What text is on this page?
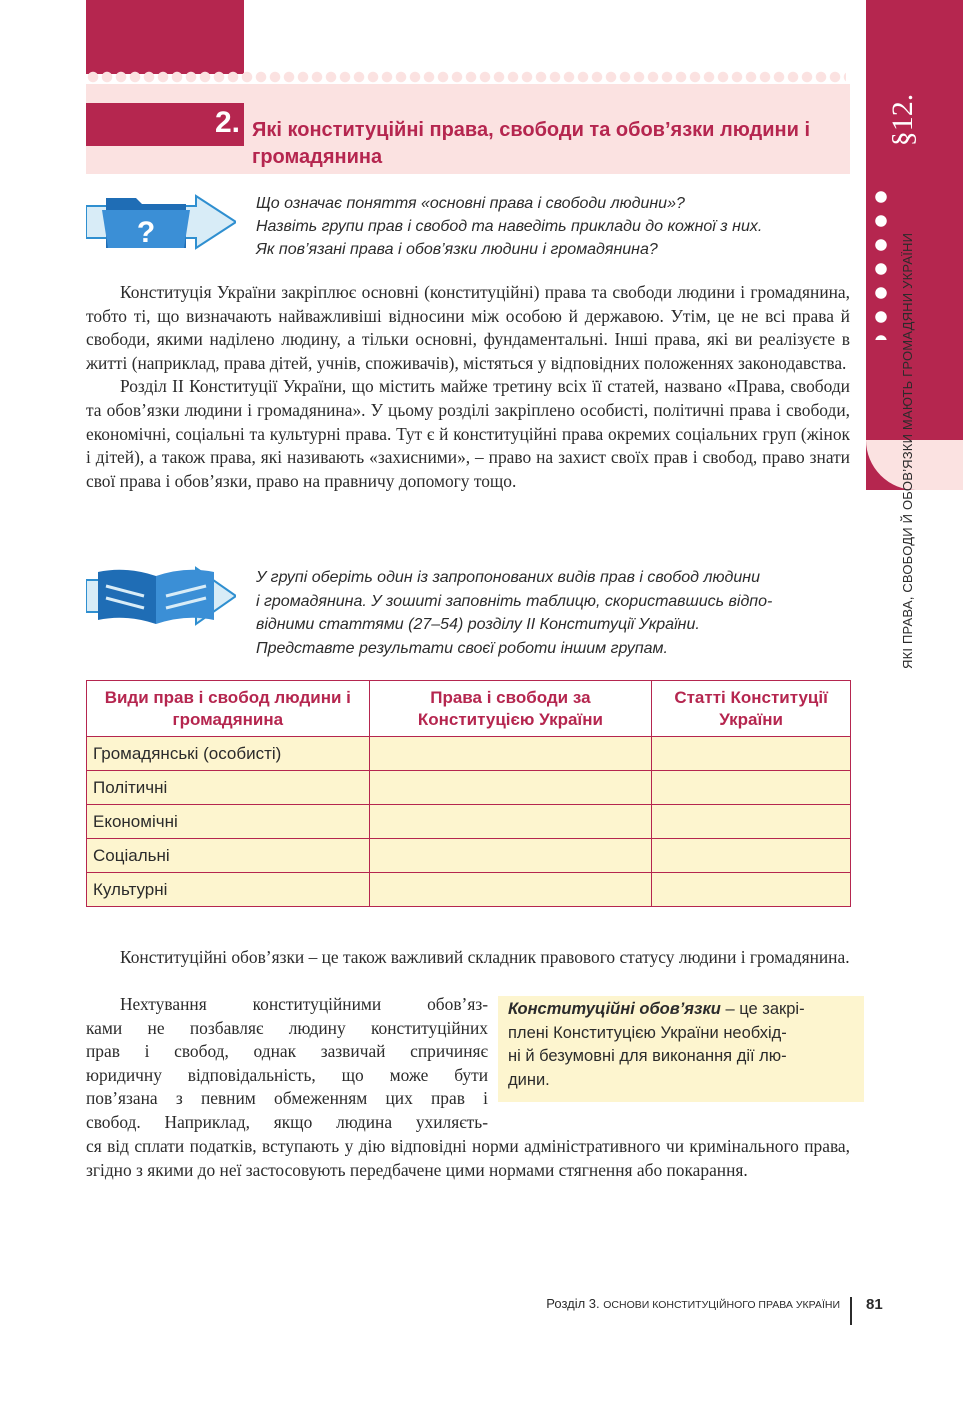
2. Які конституційні права, свободи та обов’язки людини і громадянина
§12.
ЯКІ ПРАВА, СВОБОДИ Й ОБОВ’ЯЗКИ МАЮТЬ ГРОМАДЯНИ УКРАЇНИ
?
Що означає поняття «основні права і свободи людини»?
Назвіть групи прав і свобод та наведіть приклади до кожної з них.
Як пов’язані права і обов’язки людини і громадянина?

Конституція України закріплює основні (конституційні) права та свободи людини і громадянина, тобто ті, що визначають найважливіші відносини між особою й державою. Утім, це не всі права й свободи, якими наділено людину, а тільки основні, фундаментальні. Інші права, які ви реалізуєте в житті (наприклад, права дітей, учнів, споживачів), містяться у відповідних положеннях законодавства.

Розділ II Конституції України, що містить майже третину всіх її статей, названо «Права, свободи та обов’язки людини і громадянина». У цьому розділі закріплено особисті, політичні права і свободи, економічні, соціальні та культурні права. Тут є й конституційні права окремих соціальних груп (жінок і дітей), а також права, які називають «захисними», – право на захист своїх прав і свобод, право знати свої права і обов’язки, право на правничу допомогу тощо.

У групі оберіть один із запропонованих видів прав і свобод людини
і громадянина. У зошиті заповніть таблицю, скориставшись відпо-
відними статтями (27–54) розділу II Конституції України.
Представте результати своєї роботи іншим групам.
Види прав і свобод людини і громадянина	Права і свободи за Конституцією України	Статті Конституції України
Громадянські (особисті)		
Політичні		
Економічні		
Соціальні		
Культурні		

Конституційні обов’язки – це також важливий складник правового статусу людини і громадянина.

Нехтування конституційними обов’яз-
ками не позбавляє людину конституційних
прав і свобод, однак зазвичай спричиняє
юридичну відповідальність, що може бути
пов’язана з певним обмеженням цих прав і
свобод. Наприклад, якщо людина ухиляєть-
Конституційні обов’язки – це закрі-
плені Конституцією України необхід-
ні й безумовні для виконання дії лю-
дини.

ся від сплати податків, вступають у дію відповідні норми адміністративного чи кримінального права, згідно з якими до неї застосовують передбачене цими нормами стягнення або покарання.

Розділ 3. ОСНОВИ КОНСТИТУЦІЙНОГО ПРАВА УКРАЇНИ 81
